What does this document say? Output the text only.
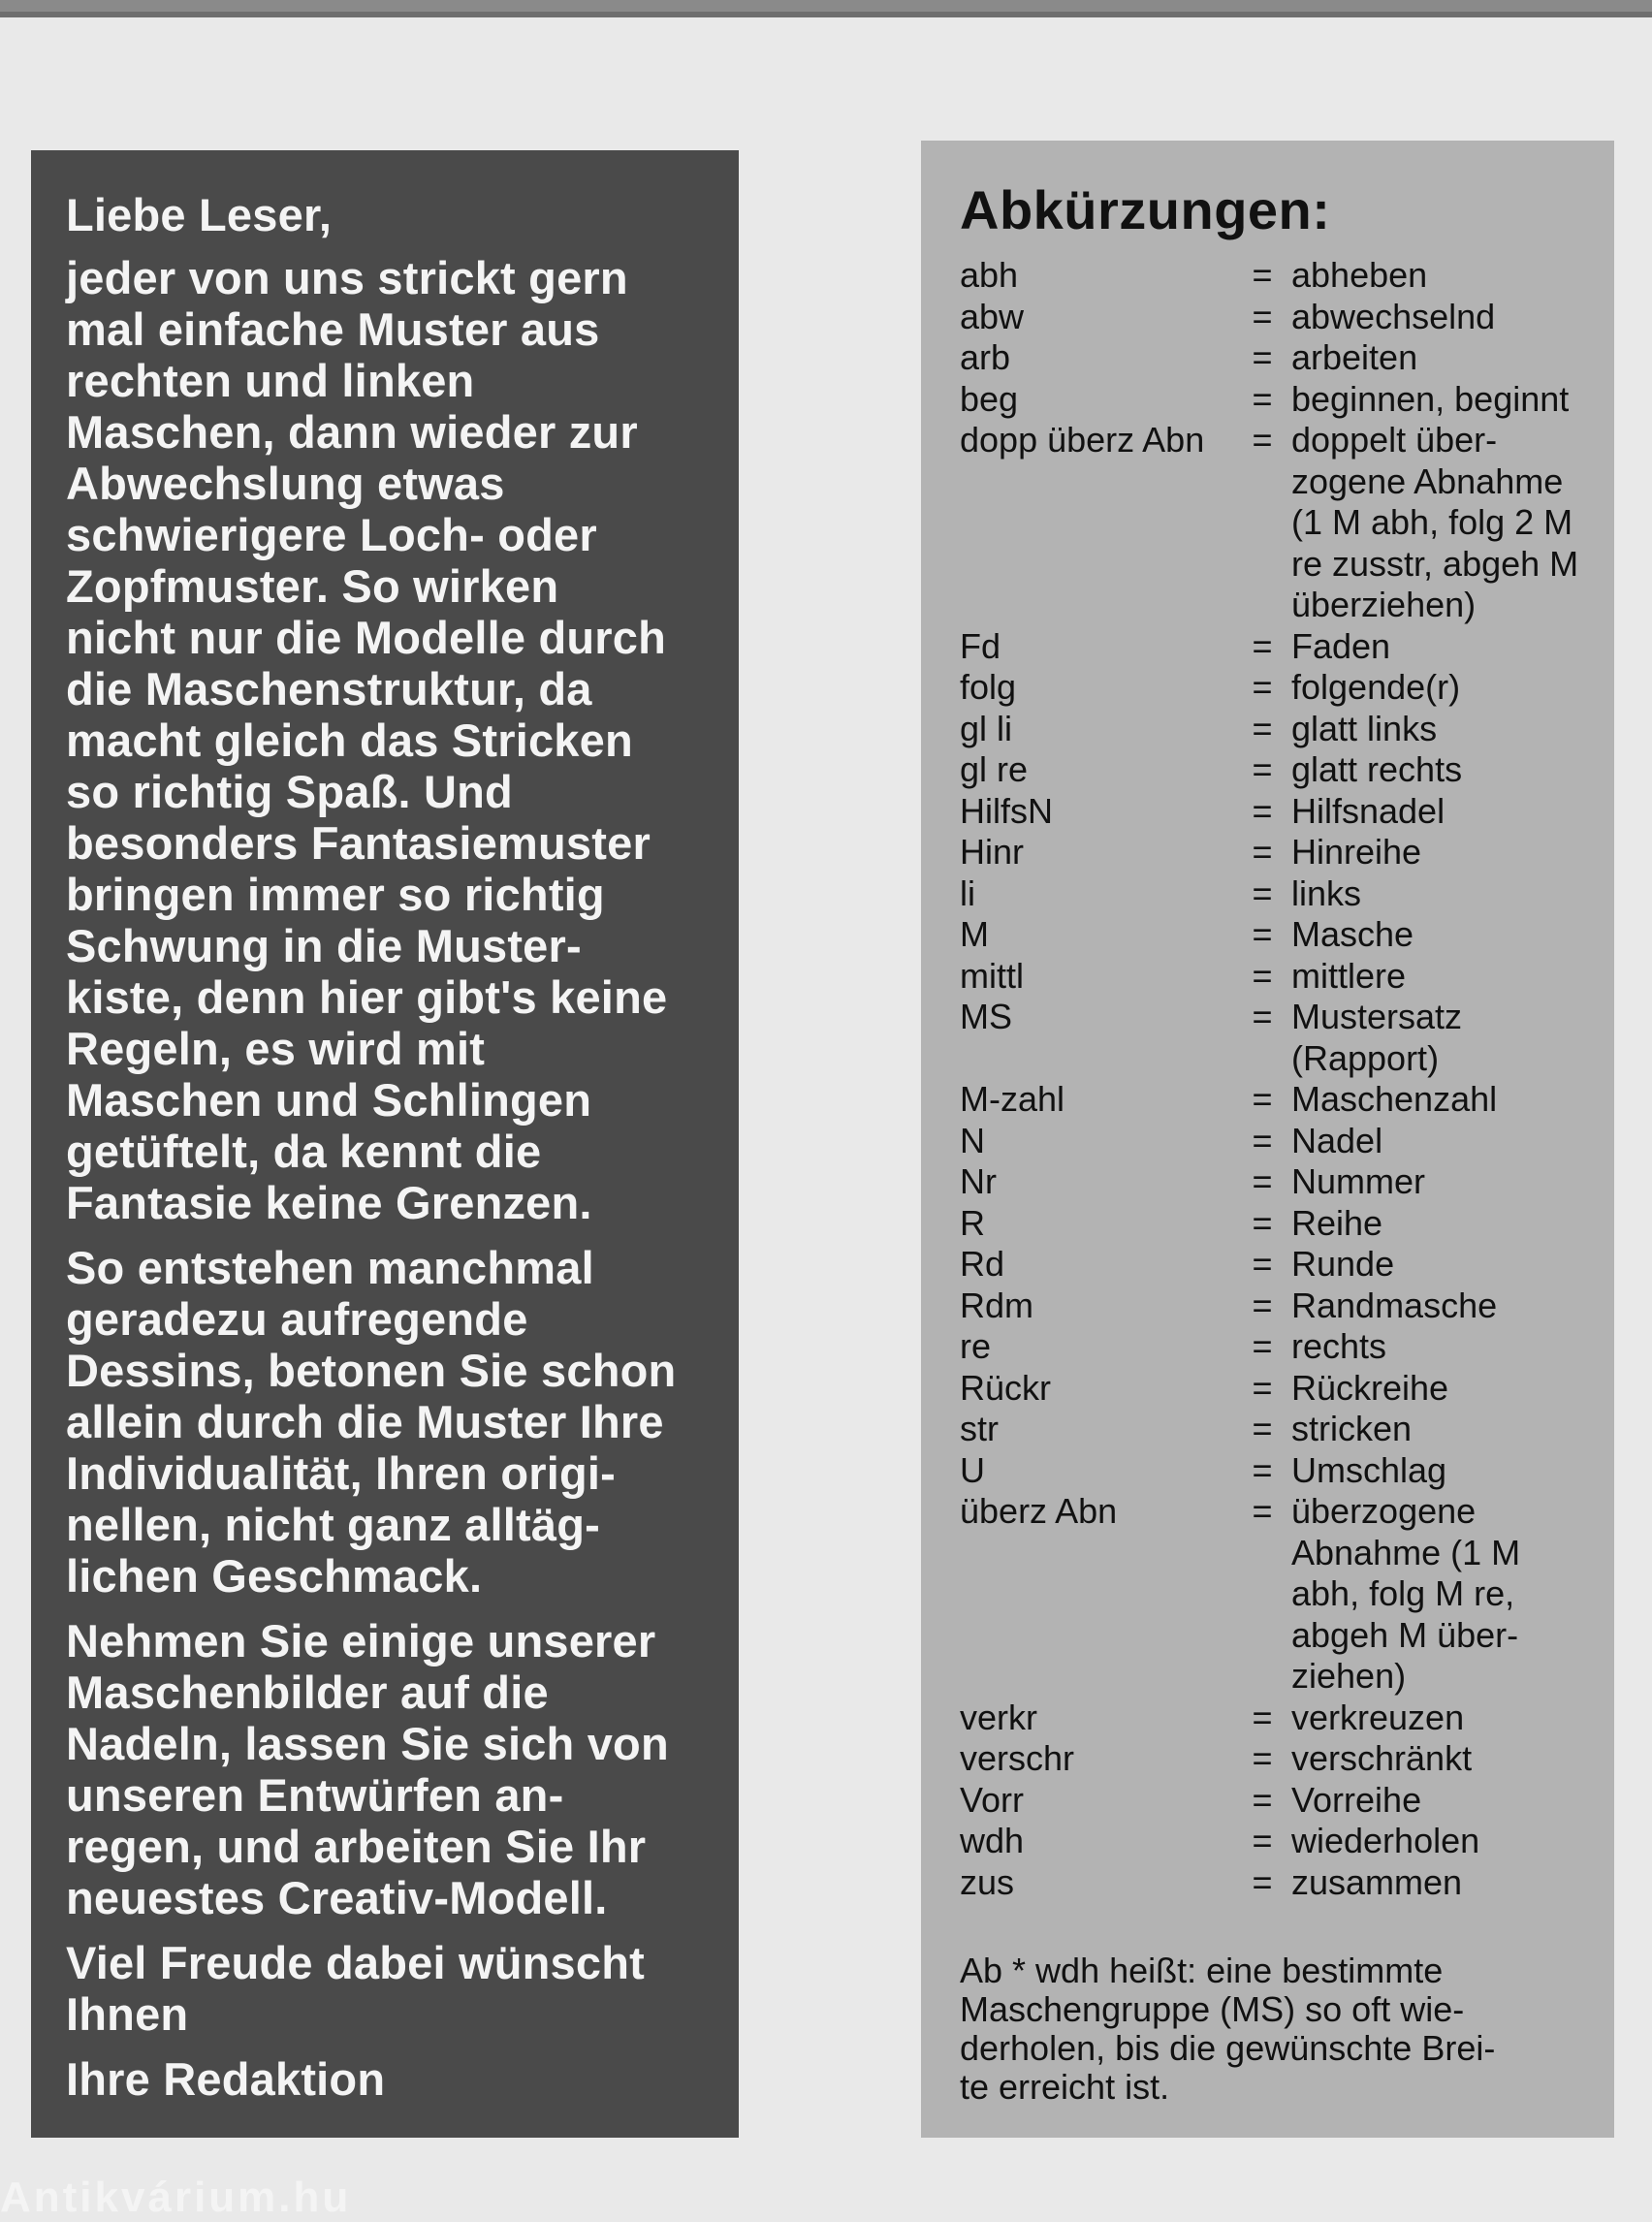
Liebe Leser,

jeder von uns strickt gern
mal einfache Muster aus
rechten und linken
Maschen, dann wieder zur
Abwechslung etwas
schwierigere Loch- oder
Zopfmuster. So wirken
nicht nur die Modelle durch
die Maschenstruktur, da
macht gleich das Stricken
so richtig Spaß. Und
besonders Fantasiemuster
bringen immer so richtig
Schwung in die Muster-
kiste, denn hier gibt's keine
Regeln, es wird mit
Maschen und Schlingen
getüftelt, da kennt die
Fantasie keine Grenzen.

So entstehen manchmal
geradezu aufregende
Dessins, betonen Sie schon
allein durch die Muster Ihre
Individualität, Ihren origi-
nellen, nicht ganz alltäg-
lichen Geschmack.

Nehmen Sie einige unserer
Maschenbilder auf die
Nadeln, lassen Sie sich von
unseren Entwürfen an-
regen, und arbeiten Sie Ihr
neuestes Creativ-Modell.

Viel Freude dabei wünscht
Ihnen

Ihre Redaktion

Abkürzungen:
abh	= abheben
abw	= abwechselnd
arb	= arbeiten
beg	= beginnen, beginnt
dopp überz Abn	= doppelt über-
zogene Abnahme
(1 M abh, folg 2 M
re zusstr, abgeh M
überziehen)
Fd	= Faden
folg	= folgende(r)
gl li	= glatt links
gl re	= glatt rechts
HilfsN	= Hilfsnadel
Hinr	= Hinreihe
li	= links
M	= Masche
mittl	= mittlere
MS	= Mustersatz
(Rapport)
M-zahl	= Maschenzahl
N	= Nadel
Nr	= Nummer
R	= Reihe
Rd	= Runde
Rdm	= Randmasche
re	= rechts
Rückr	= Rückreihe
str	= stricken
U	= Umschlag
überz Abn	= überzogene
Abnahme (1 M
abh, folg M re,
abgeh M über-
ziehen)
verkr	= verkreuzen
verschr	= verschränkt
Vorr	= Vorreihe
wdh	= wiederholen
zus	= zusammen

Ab * wdh heißt: eine bestimmte
Maschengruppe (MS) so oft wie-
derholen, bis die gewünschte Brei-
te erreicht ist.

Antikvárium.hu
